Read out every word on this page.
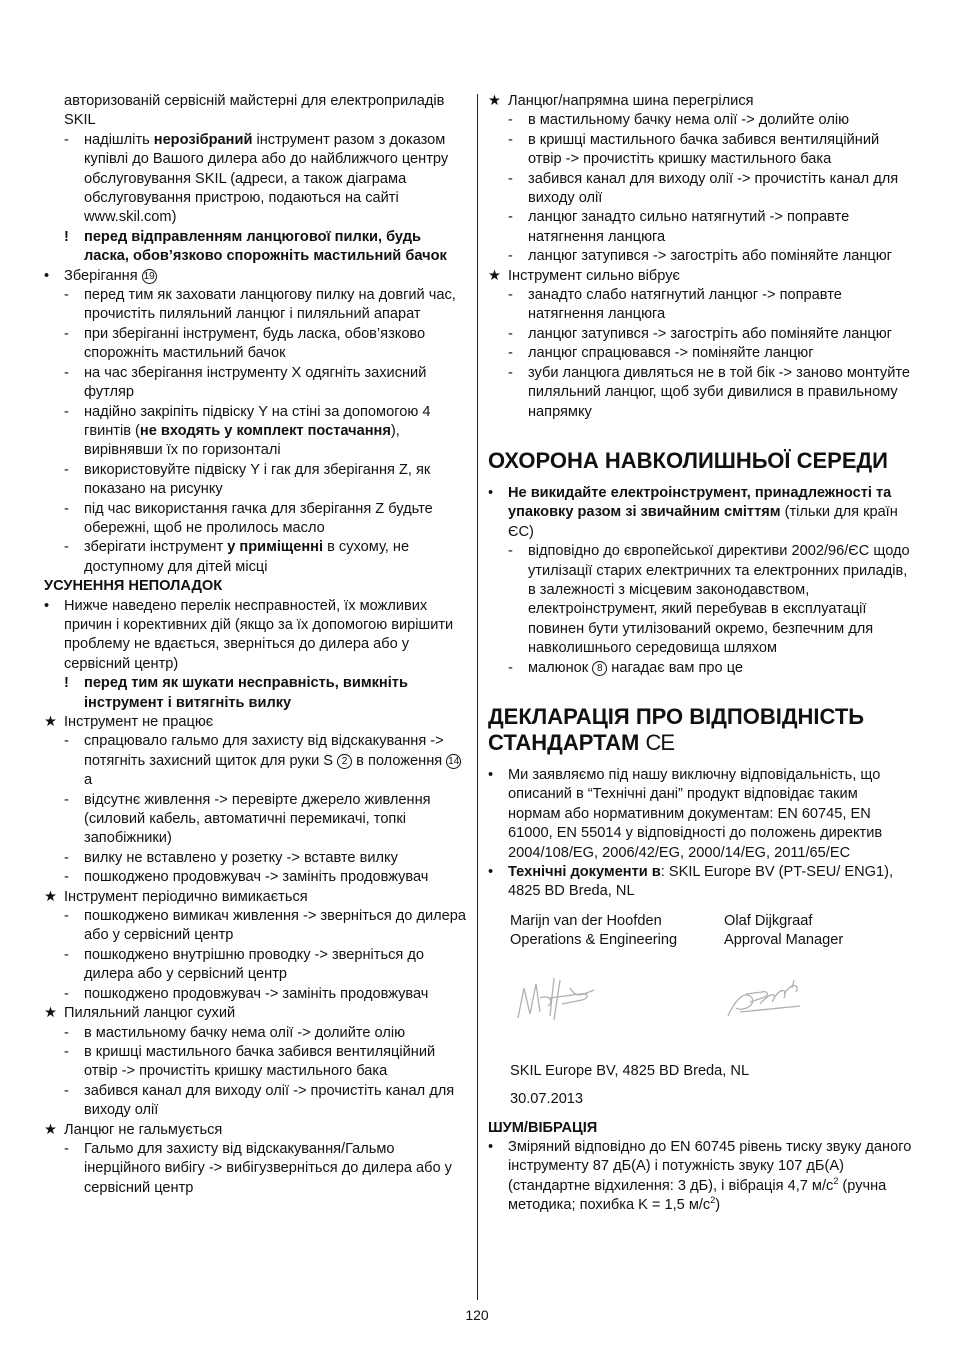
авторизованій сервісній майстерні для електроприладів SKIL
- надішліть нерозібраний інструмент разом з доказом купівлі до Вашого дилера або до найближчого центру обслуговування SKIL (адреси, а також діаграма обслуговування пристрою, подаються на сайті www.skil.com)
! перед відправленням ланцюгової пилки, будь ласка, обов’язково спорожніть мастильний бачок
• Зберігання 19
- перед тим як заховати ланцюгову пилку на довгий час, прочистіть пиляльний ланцюг і пиляльний апарат
- при зберіганні інструмент, будь ласка, обов’язково спорожніть мастильний бачок
- на час зберігання інструменту X одягніть захисний футляр
- надійно закріпіть підвіску Y на стіні за допомогою 4 гвинтів (не входять у комплект постачання), вирівнявши їх по горизонталі
- використовуйте підвіску Y і гак для зберігання Z, як показано на рисунку
- під час використання гачка для зберігання Z будьте обережні, щоб не пролилось масло
- зберігати інструмент у приміщенні в сухому, не доступному для дітей місці
УСУНЕННЯ НЕПОЛАДОК
• Нижче наведено перелік несправностей, їх можливих причин і корективних дій (якщо за їх допомогою вирішити проблему не вдається, зверніться до дилера або у сервісний центр)
! перед тим як шукати несправність, вимкніть інструмент і витягніть вилку
★ Інструмент не працює
- спрацювало гальмо для захисту від відскакування -> потягніть захисний щиток для руки S 2 в положення 14a
- відсутнє живлення -> перевірте джерело живлення (силовий кабель, автоматичні перемикачі, топкі запобіжники)
- вилку не вставлено у розетку -> вставте вилку
- пошкоджено продовжувач -> замініть продовжувач
★ Інструмент періодично вимикається
- пошкоджено вимикач живлення -> зверніться до дилера або у сервісний центр
- пошкоджено внутрішню проводку -> зверніться до дилера або у сервісний центр
- пошкоджено продовжувач -> замініть продовжувач
★ Пиляльний ланцюг сухий
- в мастильному бачку нема олії -> долийте олію
- в кришці мастильного бачка забився вентиляційний отвір -> прочистіть кришку мастильного бака
- забився канал для виходу олії -> прочистіть канал для виходу олії
★ Ланцюг не гальмується
- Гальмо для захисту від відскакування/Гальмо інерційного вибігу -> вибігузверніться до дилера або у сервісний центр
★ Ланцюг/напрямна шина перегрілися
- в мастильному бачку нема олії -> долийте олію
- в кришці мастильного бачка забився вентиляційний отвір -> прочистіть кришку мастильного бака
- забився канал для виходу олії -> прочистіть канал для виходу олії
- ланцюг занадто сильно натягнутий -> поправте натягнення ланцюга
- ланцюг затупився -> загостріть або поміняйте ланцюг
★ Інструмент сильно вібрує
- занадто слабо натягнутий ланцюг -> поправте натягнення ланцюга
- ланцюг затупився -> загостріть або поміняйте ланцюг
- ланцюг спрацювався -> поміняйте ланцюг
- зуби ланцюга дивляться не в той бік -> заново монтуйте пиляльний ланцюг, щоб зуби дивилися в правильному напрямку
ОХОРОНА НАВКОЛИШНЬОЇ СЕРЕДИ
• Не викидайте електроінструмент, принадлежності та упаковку разом зі звичайним сміттям (тільки для країн ЄС)
- відповідно до європейської директиви 2002/96/ЄС щодо утилізації старих електричних та електронних приладів, в залежності з місцевим законодавством, електроінструмент, який перебував в експлуатації повинен бути утилізований окремо, безпечним для навколишнього середовища шляхом
- малюнок 8 нагадає вам про це
ДЕКЛАРАЦІЯ ПРО ВІДПОВІДНІСТЬ СТАНДАРТАМ CE
• Ми заявляємо під нашу виключну відповідальність, що описаний в “Технічні дані” продукт відповідає таким нормам або нормативним документам: EN 60745, EN 61000, EN 55014 у відповідності до положень директив 2004/108/EG, 2006/42/EG, 2000/14/EG, 2011/65/EC
• Технічні документи в: SKIL Europe BV (PT-SEU/ ENG1), 4825 BD Breda, NL
Marijn van der Hoofden
Operations & Engineering
Olaf Dijkgraaf
Approval Manager
SKIL Europe BV, 4825 BD Breda, NL
30.07.2013
ШУМ/ВІБРАЦІЯ
• Зміряний відповідно до EN 60745 рівень тиску звуку даного інструменту 87 дБ(A) і потужність звуку 107 дБ(A) (стандартне відхилення: 3 дБ), і вібрація 4,7 $м/с^2$ (ручна методика; похибка K = 1,5 $м/с^2$)
120
